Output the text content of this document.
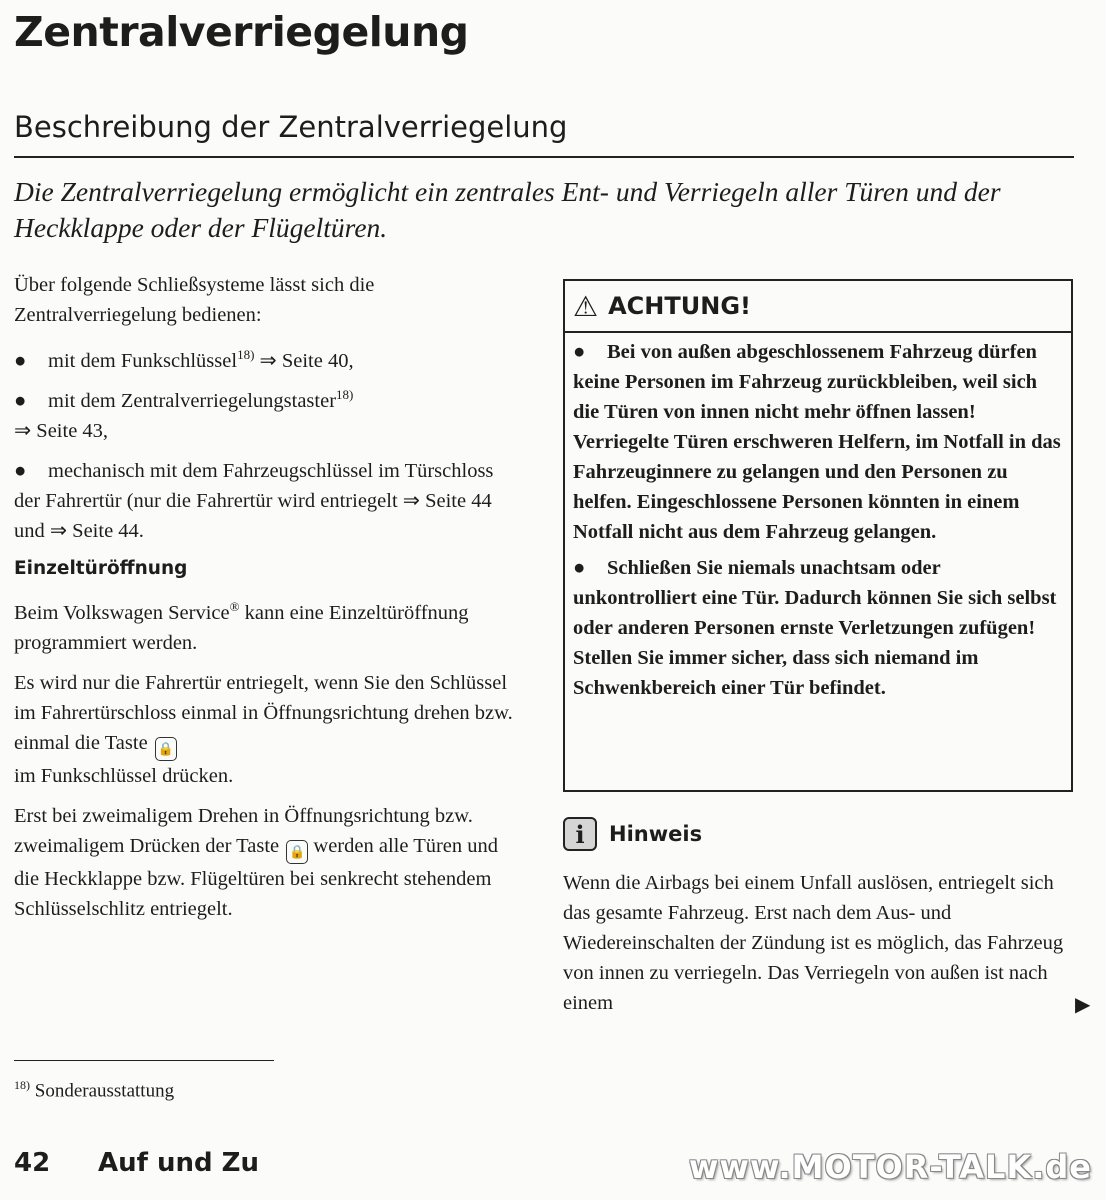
Zentralverriegelung
Beschreibung der Zentralverriegelung
Die Zentralverriegelung ermöglicht ein zentrales Ent- und Verriegeln aller Türen und der Heckklappe oder der Flügeltüren.

Über folgende Schließsysteme lässt sich die Zentralverriegelung bedienen:

● mit dem Funkschlüssel$^{18)}$ ⇒ Seite 40,

● mit dem Zentralverriegelungstaster$^{18)}$
⇒ Seite 43,

● mechanisch mit dem Fahrzeugschlüssel im Türschloss der Fahrertür (nur die Fahrertür wird entriegelt ⇒ Seite 44 und ⇒ Seite 44.

Einzeltüröffnung

Beim Volkswagen Service® kann eine Einzeltüröffnung programmiert werden.

Es wird nur die Fahrertür entriegelt, wenn Sie den Schlüssel im Fahrertürschloss einmal in Öffnungsrichtung drehen bzw. einmal die Taste 🔒
im Funkschlüssel drücken.

Erst bei zweimaligem Drehen in Öffnungsrichtung bzw. zweimaligem Drücken der Taste 🔒 werden alle Türen und die Heckklappe bzw. Flügeltüren bei senkrecht stehendem Schlüsselschlitz entriegelt.

⚠ ACHTUNG!

● Bei von außen abgeschlossenem Fahrzeug dürfen keine Personen im Fahrzeug zurückbleiben, weil sich die Türen von innen nicht mehr öffnen lassen! Verriegelte Türen erschweren Helfern, im Notfall in das Fahrzeuginnere zu gelangen und den Personen zu helfen. Eingeschlossene Personen könnten in einem Notfall nicht aus dem Fahrzeug gelangen.

● Schließen Sie niemals unachtsam oder unkontrolliert eine Tür. Dadurch können Sie sich selbst oder anderen Personen ernste Verletzungen zufügen! Stellen Sie immer sicher, dass sich niemand im Schwenkbereich einer Tür befindet.

i	Hinweis
Wenn die Airbags bei einem Unfall auslösen, entriegelt sich das gesamte Fahrzeug. Erst nach dem Aus- und Wiedereinschalten der Zündung ist es möglich, das Fahrzeug von innen zu verriegeln. Das Verriegeln von außen ist nach einem	▶
$^{18)}$ Sonderausstattung
42 Auf und Zu	www.MOTOR-TALK.de
